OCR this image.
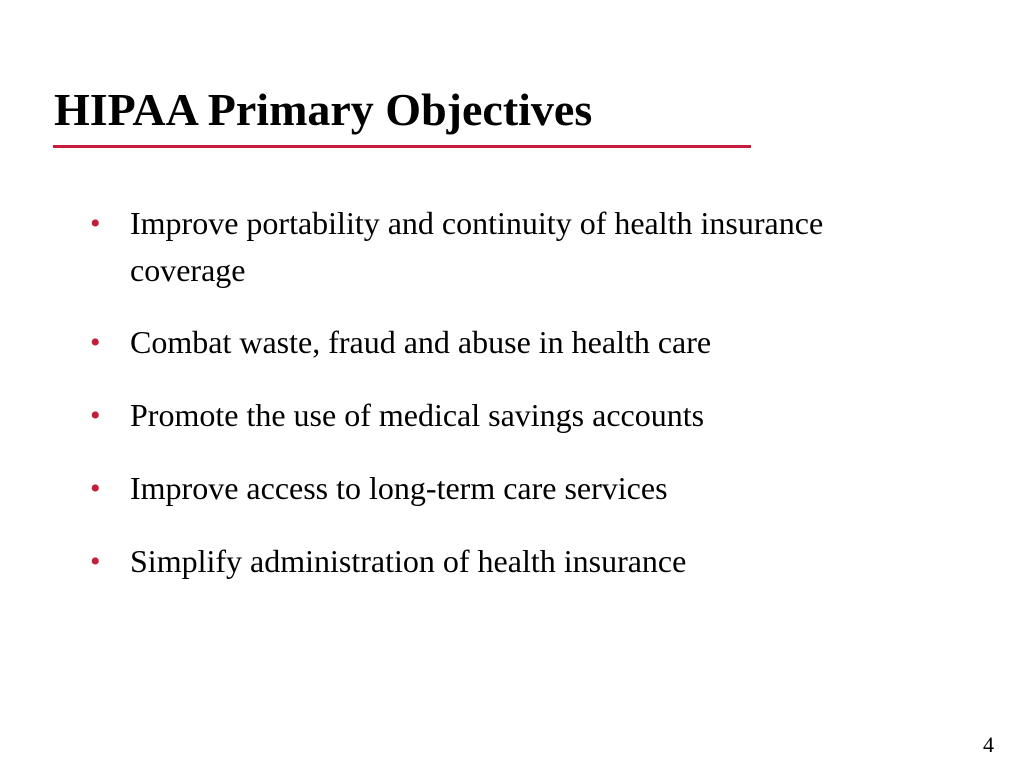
HIPAA Primary Objectives
• Improve portability and continuity of health insurance coverage
• Combat waste, fraud and abuse in health care
• Promote the use of medical savings accounts
• Improve access to long-term care services
• Simplify administration of health insurance
4
